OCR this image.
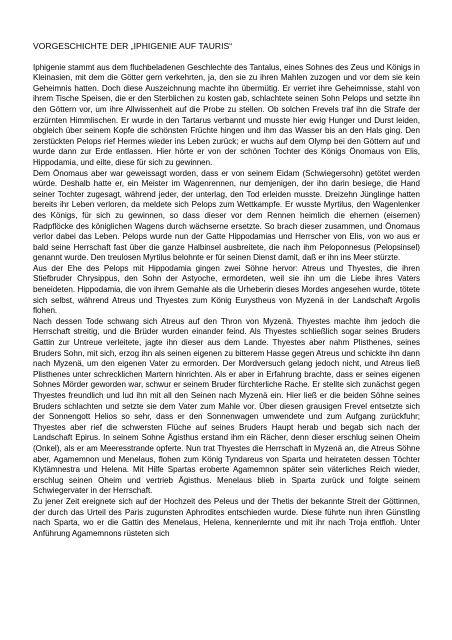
VORGESCHICHTE DER „IPHIGENIE AUF TAURIS“

Iphigenie stammt aus dem fluchbeladenen Geschlechte des Tantalus, eines Sohnes des Zeus und Königs in Kleinasien, mit dem die Götter gern verkehrten, ja, den sie zu ihren Mahlen zuzogen und vor dem sie kein Geheimnis hatten. Doch diese Auszeichnung machte ihn übermütig. Er verriet ihre Geheimnisse, stahl von ihrem Tische Speisen, die er den Sterblichen zu kosten gab, schlachtete seinen Sohn Pelops und setzte ihn den Göttern vor, um ihre Allwissenheit auf die Probe zu stellen. Ob solchen Frevels traf ihn die Strafe der erzürnten Himmlischen. Er wurde in den Tartarus verbannt und musste hier ewig Hunger und Durst leiden, obgleich über seinem Kopfe die schönsten Früchte hingen und ihm das Wasser bis an den Hals ging. Den zerstückten Pelops rief Hermes wieder ins Leben zurück; er wuchs auf dem Olymp bei den Göttern auf und wurde dann zur Erde entlassen. Hier hörte er von der schönen Tochter des Königs Önomaus von Elis, Hippodamia, und eilte, diese für sich zu gewinnen.

Dem Önomaus aber war geweissagt worden, dass er von seinem Eidam (Schwiegersohn) getötet werden würde. Deshalb hatte er, ein Meister im Wagenrennen, nur demjenigen, der ihn darin besiege, die Hand seiner Tochter zugesagt, während jeder, der unterlag, den Tod erleiden musste. Dreizehn Jünglinge hatten bereits ihr Leben verloren, da meldete sich Pelops zum Wettkampfe. Er wusste Myrtilus, den Wagenlenker des Königs, für sich zu gewinnen, so dass dieser vor dem Rennen heimlich die ehernen (eisernen) Radpflöcke des königlichen Wagens durch wächserne ersetzte. So brach dieser zusammen, und Önomaus verlor dabei das Leben. Pelops wurde nun der Gatte Hippodamias und Herrscher von Elis, von wo aus er bald seine Herrschaft fast über die ganze Halbinsel ausbreitete, die nach ihm Peloponnesus (Pelopsinsel) genannt wurde. Den treulosen Myrtilus belohnte er für seinen Dienst damit, daß er ihn ins Meer stürzte.

Aus der Ehe des Pelops mit Hippodamia gingen zwei Söhne hervor: Atreus und Thyestes, die ihren Stiefbruder Chrysippus, den Sohn der Astyoche, ermordeten, weil sie ihn um die Liebe ihres Vaters beneideten. Hippodamia, die von ihrem Gemahle als die Urheberin dieses Mordes angesehen wurde, tötete sich selbst, während Atreus und Thyestes zum König Eurystheus von Myzenä in der Landschaft Argolis flohen.

Nach dessen Tode schwang sich Atreus auf den Thron von Myzenä. Thyestes machte ihm jedoch die Herrschaft streitig, und die Brüder wurden einander feind. Als Thyestes schließlich sogar seines Bruders Gattin zur Untreue verleitete, jagte ihn dieser aus dem Lande. Thyestes aber nahm Plisthenes, seines Bruders Sohn, mit sich, erzog ihn als seinen eigenen zu bitterem Hasse gegen Atreus und schickte ihn dann nach Myzenä, um den eigenen Vater zu ermorden. Der Mordversuch gelang jedoch nicht, und Atreus ließ Plisthenes unter schrecklichen Martern hinrichten. Als er aber in Erfahrung brachte, dass er seines eigenen Sohnes Mörder geworden war, schwur er seinem Bruder fürchterliche Rache. Er stellte sich zunächst gegen Thyestes freundlich und lud ihn mit all den Seinen nach Myzenä ein. Hier ließ er die beiden Söhne seines Bruders schlachten und setzte sie dem Vater zum Mahle vor. Über diesen grausigen Frevel entsetzte sich der Sonnengott Helios so sehr, dass er den Sonnenwagen umwendete und zum Aufgang zurückfuhr; Thyestes aber rief die schwersten Flüche auf seines Bruders Haupt herab und begab sich nach der Landschaft Epirus. In seinem Sohne Ägisthus erstand ihm ein Rächer, denn dieser erschlug seinen Oheim (Onkel), als er am Meeresstrande opferte. Nun trat Thyestes die Herrschaft in Myzenä an, die Atreus Söhne aber, Agamemnon und Menelaus, flohen zum König Tyndareus von Sparta und heirateten dessen Töchter Klytämnestra und Helena. Mit Hilfe Spartas eroberte Agamemnon später sein väterliches Reich wieder, erschlug seinen Oheim und vertrieb Ägisthus. Menelaus blieb in Sparta zurück und folgte seinem Schwiegervater in der Herrschaft.

Zu jener Zeit ereignete sich auf der Hochzeit des Peleus und der Thetis der bekannte Streit der Göttinnen, der durch das Urteil des Paris zugunsten Aphrodites entschieden wurde. Diese führte nun ihren Günstling nach Sparta, wo er die Gattin des Menelaus, Helena, kennenlernte und mit ihr nach Troja entfloh. Unter Anführung Agamemnons rüsteten sich
